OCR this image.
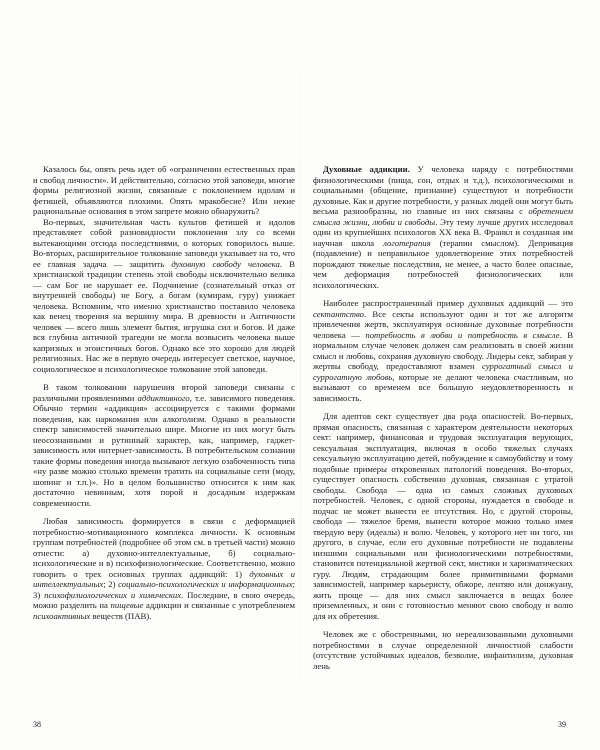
Казалось бы, опять речь идет об «ограничении естественных прав и свобод личности». И действительно, согласно этой заповеди, многие формы религиозной жизни, связанные с поклонением идолам и фетишей, объявляются плохими. Опять мракобесие? Или некие рациональные основания в этом запрете можно обнаружить?

Во-первых, значительная часть культов фетишей и идолов представляет собой разновидности поклонения злу со всеми вытекающими отсюда последствиями, о которых говорилось выше. Во-вторых, расширительное толкование заповеди указывает на то, что ее главная задача — защитить духовную свободу человека. В христианской традиции степень этой свободы исключительно велика — сам Бог не нарушает ее. Подчинение (сознательный отказ от внутренней свободы) не Богу, а богам (кумирам, гуру) унижает человека. Вспомним, что именно христианство поставило человека как венец творения на вершину мира. В древности и Античности человек — всего лишь элемент бытия, игрушка сил и богов. И даже вся глубина античной трагедии не могла возвысить человека выше капризных и эгоистичных богов. Однако все это хорошо для людей религиозных. Нас же в первую очередь интересует светское, научное, социологическое и психологическое толкование этой заповеди.

В таком толковании нарушения второй заповеди связаны с различными проявлениями аддиктивного, т.е. зависимого поведения. Обычно термин «аддикция» ассоциируется с такими формами поведения, как наркомания или алкоголизм. Однако в реальности спектр зависимостей значительно шире. Многие из них могут быть неосознанными и рутинный характер, как, например, гаджет-зависимость или интернет-зависимость. В потребительском сознании такие формы поведения иногда вызывают легкую озабоченность типа «ну разве можно столько времени тратить на социальные сети (моду, шопинг и т.п.)». Но в целом большинство относится к ним как достаточно невинным, хотя порой и досадным издержкам современности.

Любая зависимость формируется в связи с деформацией потребностно-мотивационного комплекса личности. К основным группам потребностей (подробнее об этом см. в третьей части) можно отнести: а) духовно-интеллектуальные, б) социально-психологические и в) психофизиологические. Соответственно, можно говорить о трех основных группах аддикций: 1) духовных и интеллектуальных; 2) социально-психологических и информационных; 3) психофизиологических и химических. Последние, в свою очередь, можно разделить на пищевые аддикции и связанные с употреблением психоактивных веществ (ПАВ).

Духовные аддикции. У человека наряду с потребностями физиологическими (пища, сон, отдых и т.д.), психологическими и социальными (общение, признание) существуют и потребности духовные. Как и другие потребности, у разных людей они могут быть весьма разнообразны, но главные из них связаны с обретением смысла жизни, любви и свободы. Эту тему лучше других исследовал один из крупнейших психологов XX века В. Франкл и созданная им научная школа логотерапия (терапии смыслом). Депривация (подавление) и неправильное удовлетворение этих потребностей порождают тяжелые последствия, не менее, а часто более опасные, чем деформация потребностей физиологических или психологических.

Наиболее распространенный пример духовных аддикций — это сектантство. Все секты используют один и тот же алгоритм привлечения жертв, эксплуатируя основные духовные потребности человека — потребность в любви и потребность в смысле. В нормальном случае человек должен сам реализовать в своей жизни смысл и любовь, сохраняя духовную свободу. Лидеры сект, забирая у жертвы свободу, предоставляют взамен суррогатный смысл и суррогатную любовь, которые не делают человека счастливым, но вызывают со временем все большую неудовлетворенность и зависимость.

Для адептов сект существует два рода опасностей. Во-первых, прямая опасность, связанная с характером деятельности некоторых сект: например, финансовая и трудовая эксплуатация верующих, сексуальная эксплуатация, включая в особо тяжелых случаях сексуальную эксплуатацию детей, побуждение к самоубийству и тому подобные примеры откровенных патологий поведения. Во-вторых, существует опасность собственно духовная, связанная с утратой свободы. Свобода — одна из самых сложных духовных потребностей. Человек, с одной стороны, нуждается в свободе и подчас не может вынести ее отсутствия. Но, с другой стороны, свобода — тяжелое бремя, вынести которое можно только имея твердую веру (идеалы) и волю. Человек, у которого нет ни того, ни другого, в случае, если его духовные потребности не подавлены низшими социальными или физиологическими потребностями, становится потенциальной жертвой сект, мистики и харизматических гуру. Людям, страдающим более примитивными формами зависимостей, например карьеристу, обжоре, лентяю или донжуану, жить проще — для них смысл заключается в вещах более приземленных, и они с готовностью меняют свою свободу и волю для их обретения.

Человек же с обостренными, но нереализованными духовными потребностями в случае определенной личностной слабости (отсутствие устойчивых идеалов, безволие, инфантилизм, духовная лень

38	39
